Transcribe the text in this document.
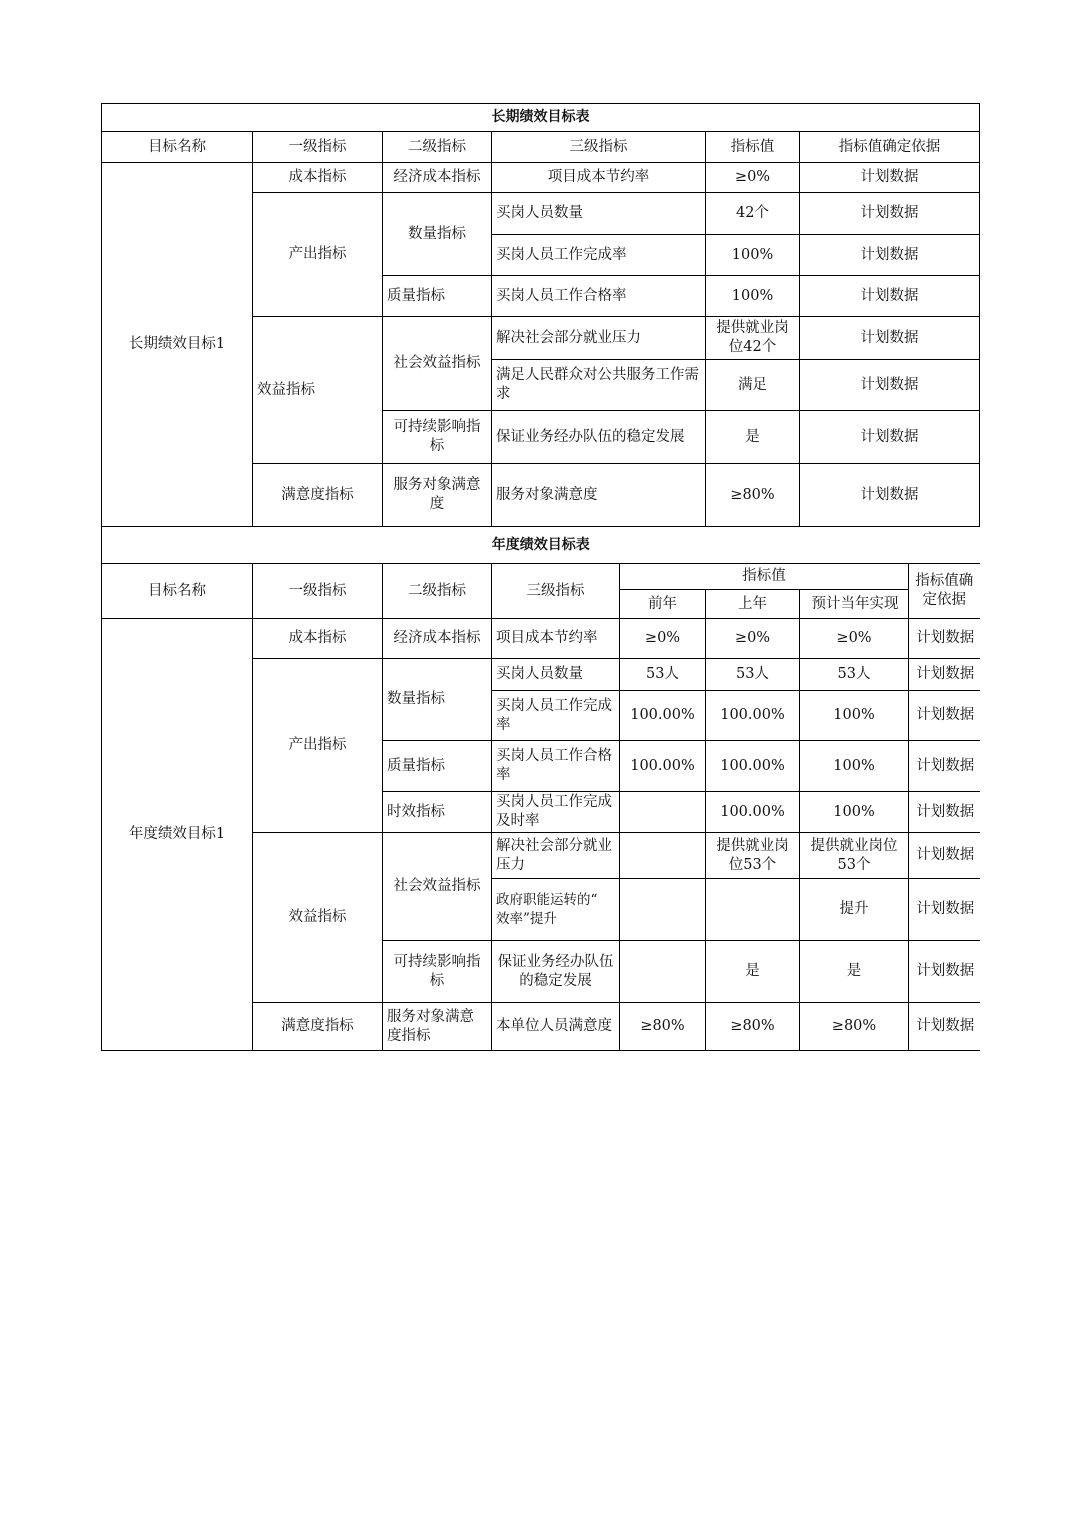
长期绩效目标表					
目标名称	一级指标	二级指标	三级指标	指标值	指标值确定依据
长期绩效目标1	成本指标	经济成本指标	项目成本节约率	≥0%	计划数据
	产出指标	数量指标	买岗人员数量	42个	计划数据
			买岗人员工作完成率	100%	计划数据
		质量指标	买岗人员工作合格率	100%	计划数据
	效益指标	社会效益指标	解决社会部分就业压力	提供就业岗位42个	计划数据
			满足人民群众对公共服务工作需求	满足	计划数据
		可持续影响指标	保证业务经办队伍的稳定发展	是	计划数据
	满意度指标	服务对象满意度	服务对象满意度	≥80%	计划数据
年度绩效目标表							
目标名称	一级指标	二级指标	三级指标	指标值			指标值确定依据
				前年	上年	预计当年实现	
年度绩效目标1	成本指标	经济成本指标	项目成本节约率	≥0%	≥0%	≥0%	计划数据
	产出指标	数量指标	买岗人员数量	53人	53人	53人	计划数据
			买岗人员工作完成率	100.00%	100.00%	100%	计划数据
		质量指标	买岗人员工作合格率	100.00%	100.00%	100%	计划数据
		时效指标	买岗人员工作完成及时率		100.00%	100%	计划数据
	效益指标	社会效益指标	解决社会部分就业压力		提供就业岗位53个	提供就业岗位53个	计划数据
			政府职能运转的“ 效率”提升			提升	计划数据
		可持续影响指标	保证业务经办队伍的稳定发展		是	是	计划数据
	满意度指标	服务对象满意度指标	本单位人员满意度	≥80%	≥80%	≥80%	计划数据
